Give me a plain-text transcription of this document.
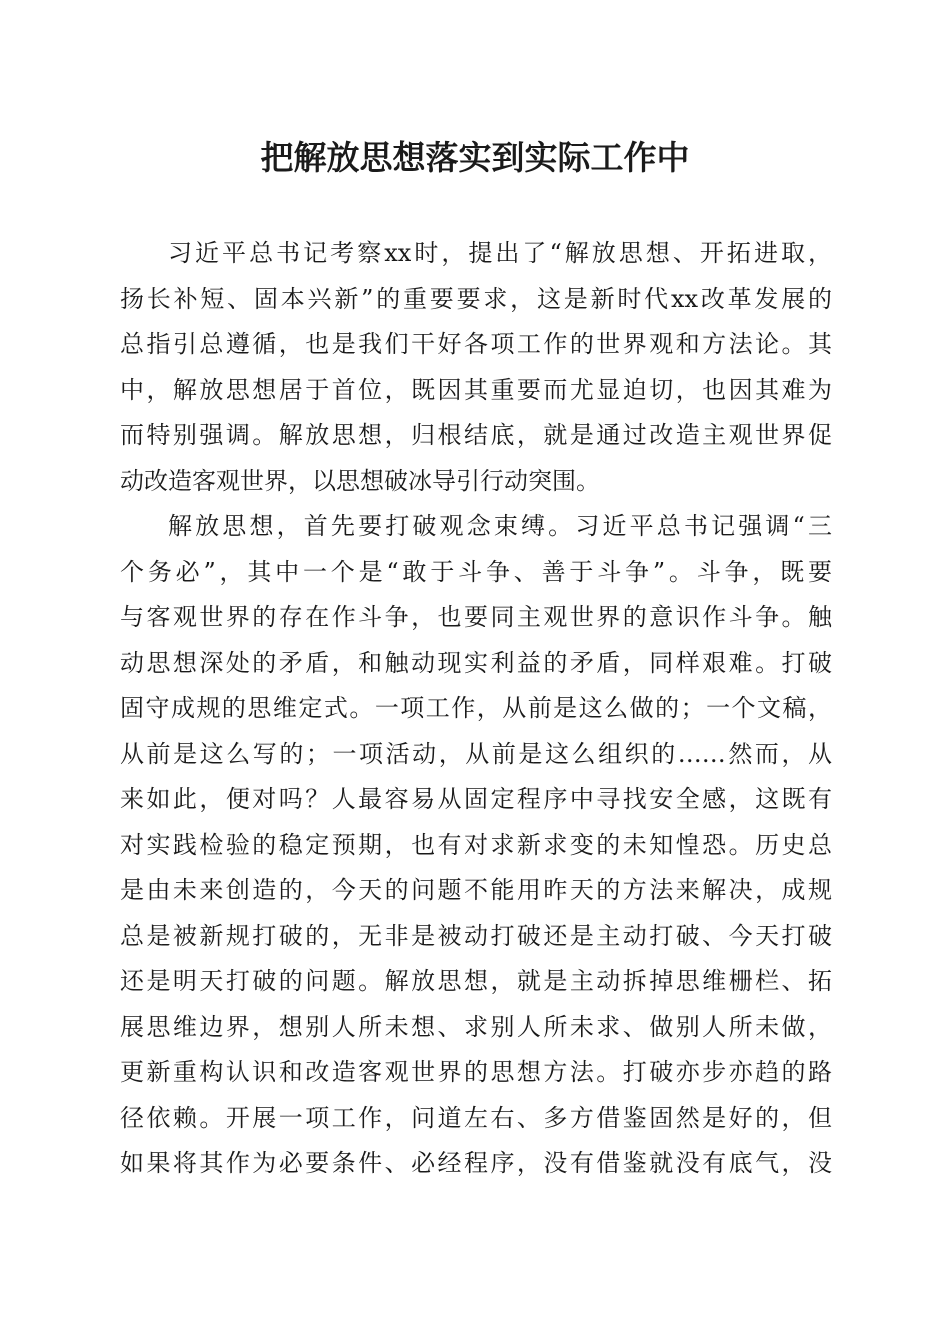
把解放思想落实到实际工作中
习近平总书记考察xx时，提出了“解放思想、开拓进取，
扬长补短、固本兴新”的重要要求，这是新时代xx改革发展的
总指引总遵循，也是我们干好各项工作的世界观和方法论。其
中，解放思想居于首位，既因其重要而尤显迫切，也因其难为
而特别强调。解放思想，归根结底，就是通过改造主观世界促
动改造客观世界，以思想破冰导引行动突围。
解放思想，首先要打破观念束缚。习近平总书记强调“三
个务必”，其中一个是“敢于斗争、善于斗争”。斗争，既要
与客观世界的存在作斗争，也要同主观世界的意识作斗争。触
动思想深处的矛盾，和触动现实利益的矛盾，同样艰难。打破
固守成规的思维定式。一项工作，从前是这么做的；一个文稿，
从前是这么写的；一项活动，从前是这么组织的……然而，从
来如此，便对吗？人最容易从固定程序中寻找安全感，这既有
对实践检验的稳定预期，也有对求新求变的未知惶恐。历史总
是由未来创造的，今天的问题不能用昨天的方法来解决，成规
总是被新规打破的，无非是被动打破还是主动打破、今天打破
还是明天打破的问题。解放思想，就是主动拆掉思维栅栏、拓
展思维边界，想别人所未想、求别人所未求、做别人所未做，
更新重构认识和改造客观世界的思想方法。打破亦步亦趋的路
径依赖。开展一项工作，问道左右、多方借鉴固然是好的，但
如果将其作为必要条件、必经程序，没有借鉴就没有底气，没
